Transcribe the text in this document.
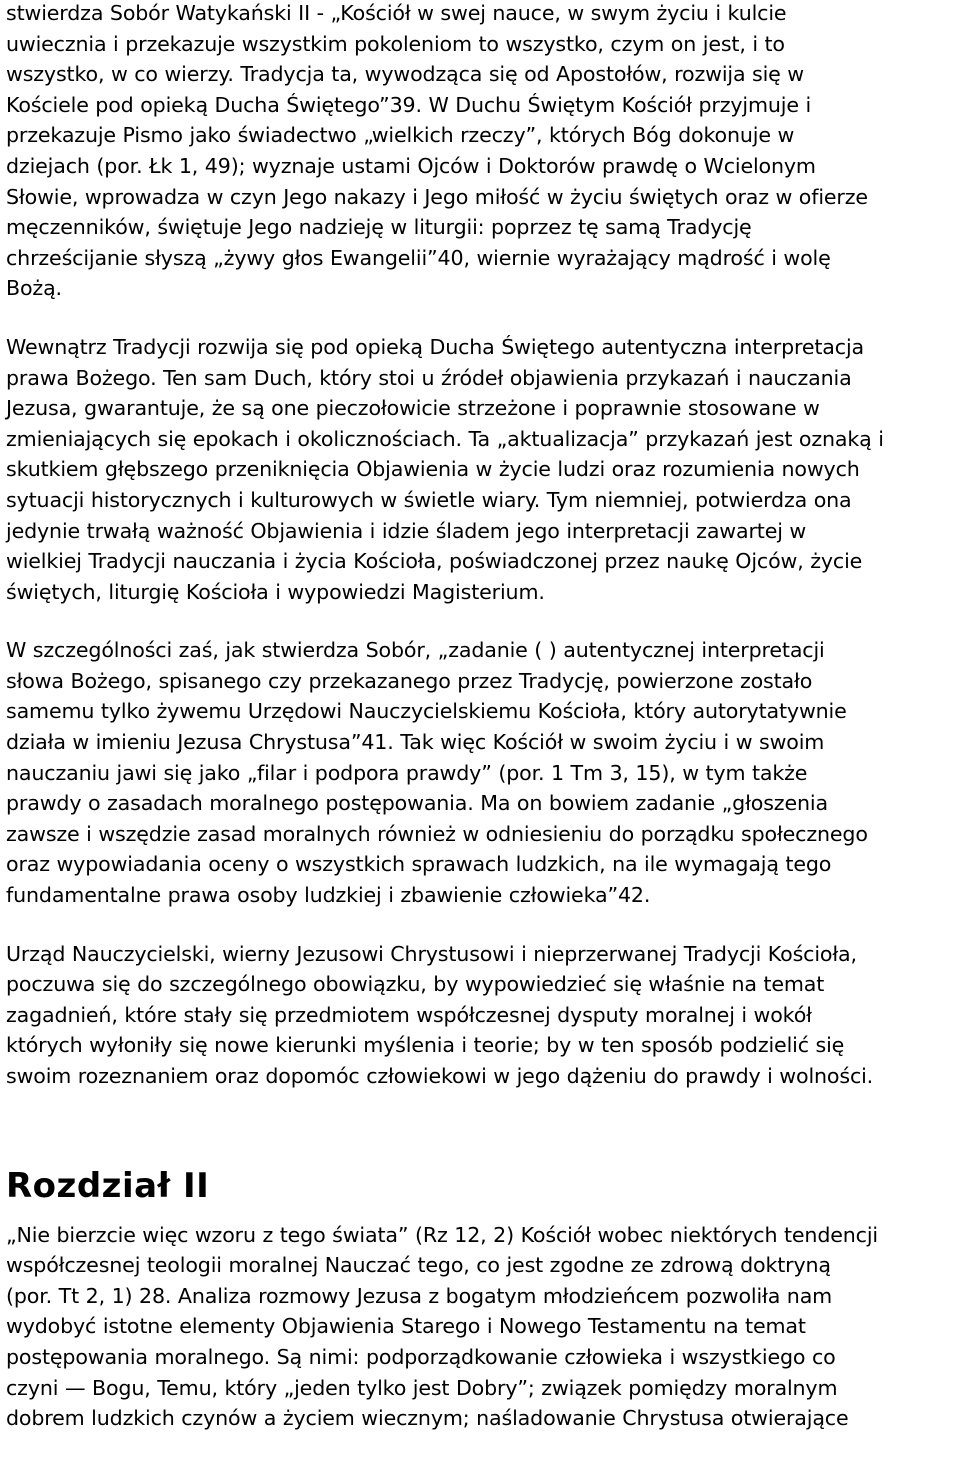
stwierdza Sobór Watykański II - „Kościół w swej nauce, w swym życiu i kulcie
uwiecznia i przekazuje wszystkim pokoleniom to wszystko, czym on jest, i to
wszystko, w co wierzy. Tradycja ta, wywodząca się od Apostołów, rozwija się w
Kościele pod opieką Ducha Świętego”39. W Duchu Świętym Kościół przyjmuje i
przekazuje Pismo jako świadectwo „wielkich rzeczy”, których Bóg dokonuje w
dziejach (por. Łk 1, 49); wyznaje ustami Ojców i Doktorów prawdę o Wcielonym
Słowie, wprowadza w czyn Jego nakazy i Jego miłość w życiu świętych oraz w ofierze
męczenników, świętuje Jego nadzieję w liturgii: poprzez tę samą Tradycję
chrześcijanie słyszą „żywy głos Ewangelii”40, wiernie wyrażający mądrość i wolę
Bożą.

Wewnątrz Tradycji rozwija się pod opieką Ducha Świętego autentyczna interpretacja
prawa Bożego. Ten sam Duch, który stoi u źródeł objawienia przykazań i nauczania
Jezusa, gwarantuje, że są one pieczołowicie strzeżone i poprawnie stosowane w
zmieniających się epokach i okolicznościach. Ta „aktualizacja” przykazań jest oznaką i
skutkiem głębszego przeniknięcia Objawienia w życie ludzi oraz rozumienia nowych
sytuacji historycznych i kulturowych w świetle wiary. Tym niemniej, potwierdza ona
jedynie trwałą ważność Objawienia i idzie śladem jego interpretacji zawartej w
wielkiej Tradycji nauczania i życia Kościoła, poświadczonej przez naukę Ojców, życie
świętych, liturgię Kościoła i wypowiedzi Magisterium.

W szczególności zaś, jak stwierdza Sobór, „zadanie ( ) autentycznej interpretacji
słowa Bożego, spisanego czy przekazanego przez Tradycję, powierzone zostało
samemu tylko żywemu Urzędowi Nauczycielskiemu Kościoła, który autorytatywnie
działa w imieniu Jezusa Chrystusa”41. Tak więc Kościół w swoim życiu i w swoim
nauczaniu jawi się jako „filar i podpora prawdy” (por. 1 Tm 3, 15), w tym także
prawdy o zasadach moralnego postępowania. Ma on bowiem zadanie „głoszenia
zawsze i wszędzie zasad moralnych również w odniesieniu do porządku społecznego
oraz wypowiadania oceny o wszystkich sprawach ludzkich, na ile wymagają tego
fundamentalne prawa osoby ludzkiej i zbawienie człowieka”42.

Urząd Nauczycielski, wierny Jezusowi Chrystusowi i nieprzerwanej Tradycji Kościoła,
poczuwa się do szczególnego obowiązku, by wypowiedzieć się właśnie na temat
zagadnień, które stały się przedmiotem współczesnej dysputy moralnej i wokół
których wyłoniły się nowe kierunki myślenia i teorie; by w ten sposób podzielić się
swoim rozeznaniem oraz dopomóc człowiekowi w jego dążeniu do prawdy i wolności.

Rozdział II

„Nie bierzcie więc wzoru z tego świata” (Rz 12, 2) Kościół wobec niektórych tendencji
współczesnej teologii moralnej Nauczać tego, co jest zgodne ze zdrową doktryną
(por. Tt 2, 1) 28. Analiza rozmowy Jezusa z bogatym młodzieńcem pozwoliła nam
wydobyć istotne elementy Objawienia Starego i Nowego Testamentu na temat
postępowania moralnego. Są nimi: podporządkowanie człowieka i wszystkiego co
czyni — Bogu, Temu, który „jeden tylko jest Dobry”; związek pomiędzy moralnym
dobrem ludzkich czynów a życiem wiecznym; naśladowanie Chrystusa otwierające
